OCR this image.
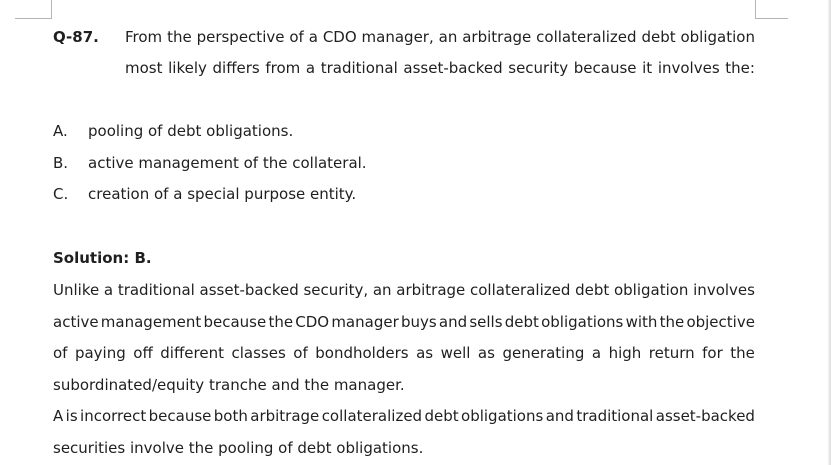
Q-87. From the perspective of a CDO manager, an arbitrage collateralized debt obligation
most likely differs from a traditional asset-backed security because it involves the:
A. pooling of debt obligations.
B. active management of the collateral.
C. creation of a special purpose entity.
Solution: B.
Unlike a traditional asset-backed security, an arbitrage collateralized debt obligation involves
active management because the CDO manager buys and sells debt obligations with the objective
of paying off different classes of bondholders as well as generating a high return for the
subordinated/equity tranche and the manager.
A is incorrect because both arbitrage collateralized debt obligations and traditional asset-backed
securities involve the pooling of debt obligations.
